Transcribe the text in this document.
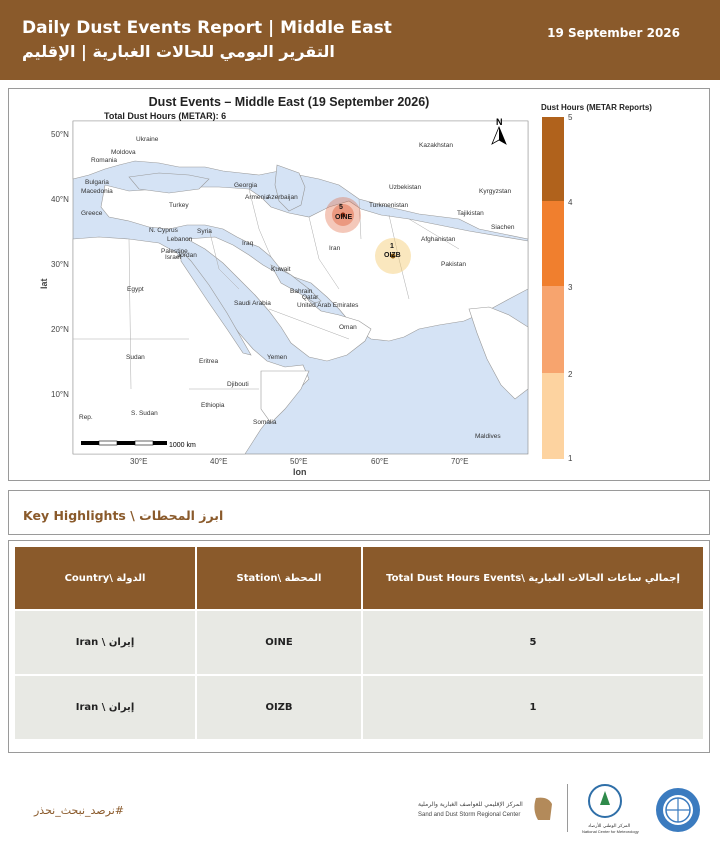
Daily Dust Events Report | Middle East
التقرير اليومي للحالات الغبارية | الإقليم
19 September 2026
50°N
40°N
30°N
20°N
10°N
30°E	40°E	50°E	60°E	70°E
lon
lat
Ukraine
Kazakhstan
Moldova
Romania
Bulgaria	Georgia	Uzbekistan
Kyrgyzstan
Macedonia
Turkey
Armenia
Azerbaijan
Turkmenistan
Tajikistan
Greece
Syria
N. Cyprus
Lebanon
Iraq
Iran
Afghanistan
Siachen
Palestine
Israel
Jordan
Kuwait
Pakistan
Egypt	Bahrain
Qatar
Saudi Arabia	United Arab Emirates
Oman
Sudan
Eritrea
Yemen
Djibouti
Ethiopia
S. Sudan
Somalia
Rep.
Maldives
5
OINE
1
OIZB
N
1000 km
5
4
3
2
1
Dust Events – Middle East (19 September 2026)
Total Dust Hours (METAR): 6
Dust Hours (METAR Reports)
Key Highlights \ ابرز المحطات
Country\ الدولة	Station\ المحطة	Total Dust Hours Events\ إجمالي ساعات الحالات الغبارية
Iran \ إيران	OINE	5
Iran \ إيران	OIZB	1
#نرصد_نبحث_نحذر	المركز الإقليمي للعواصف الغبارية والرملية
Sand and Dust Storm Regional Center
المركز الوطني للأرصاد
National Center for Meteorology
